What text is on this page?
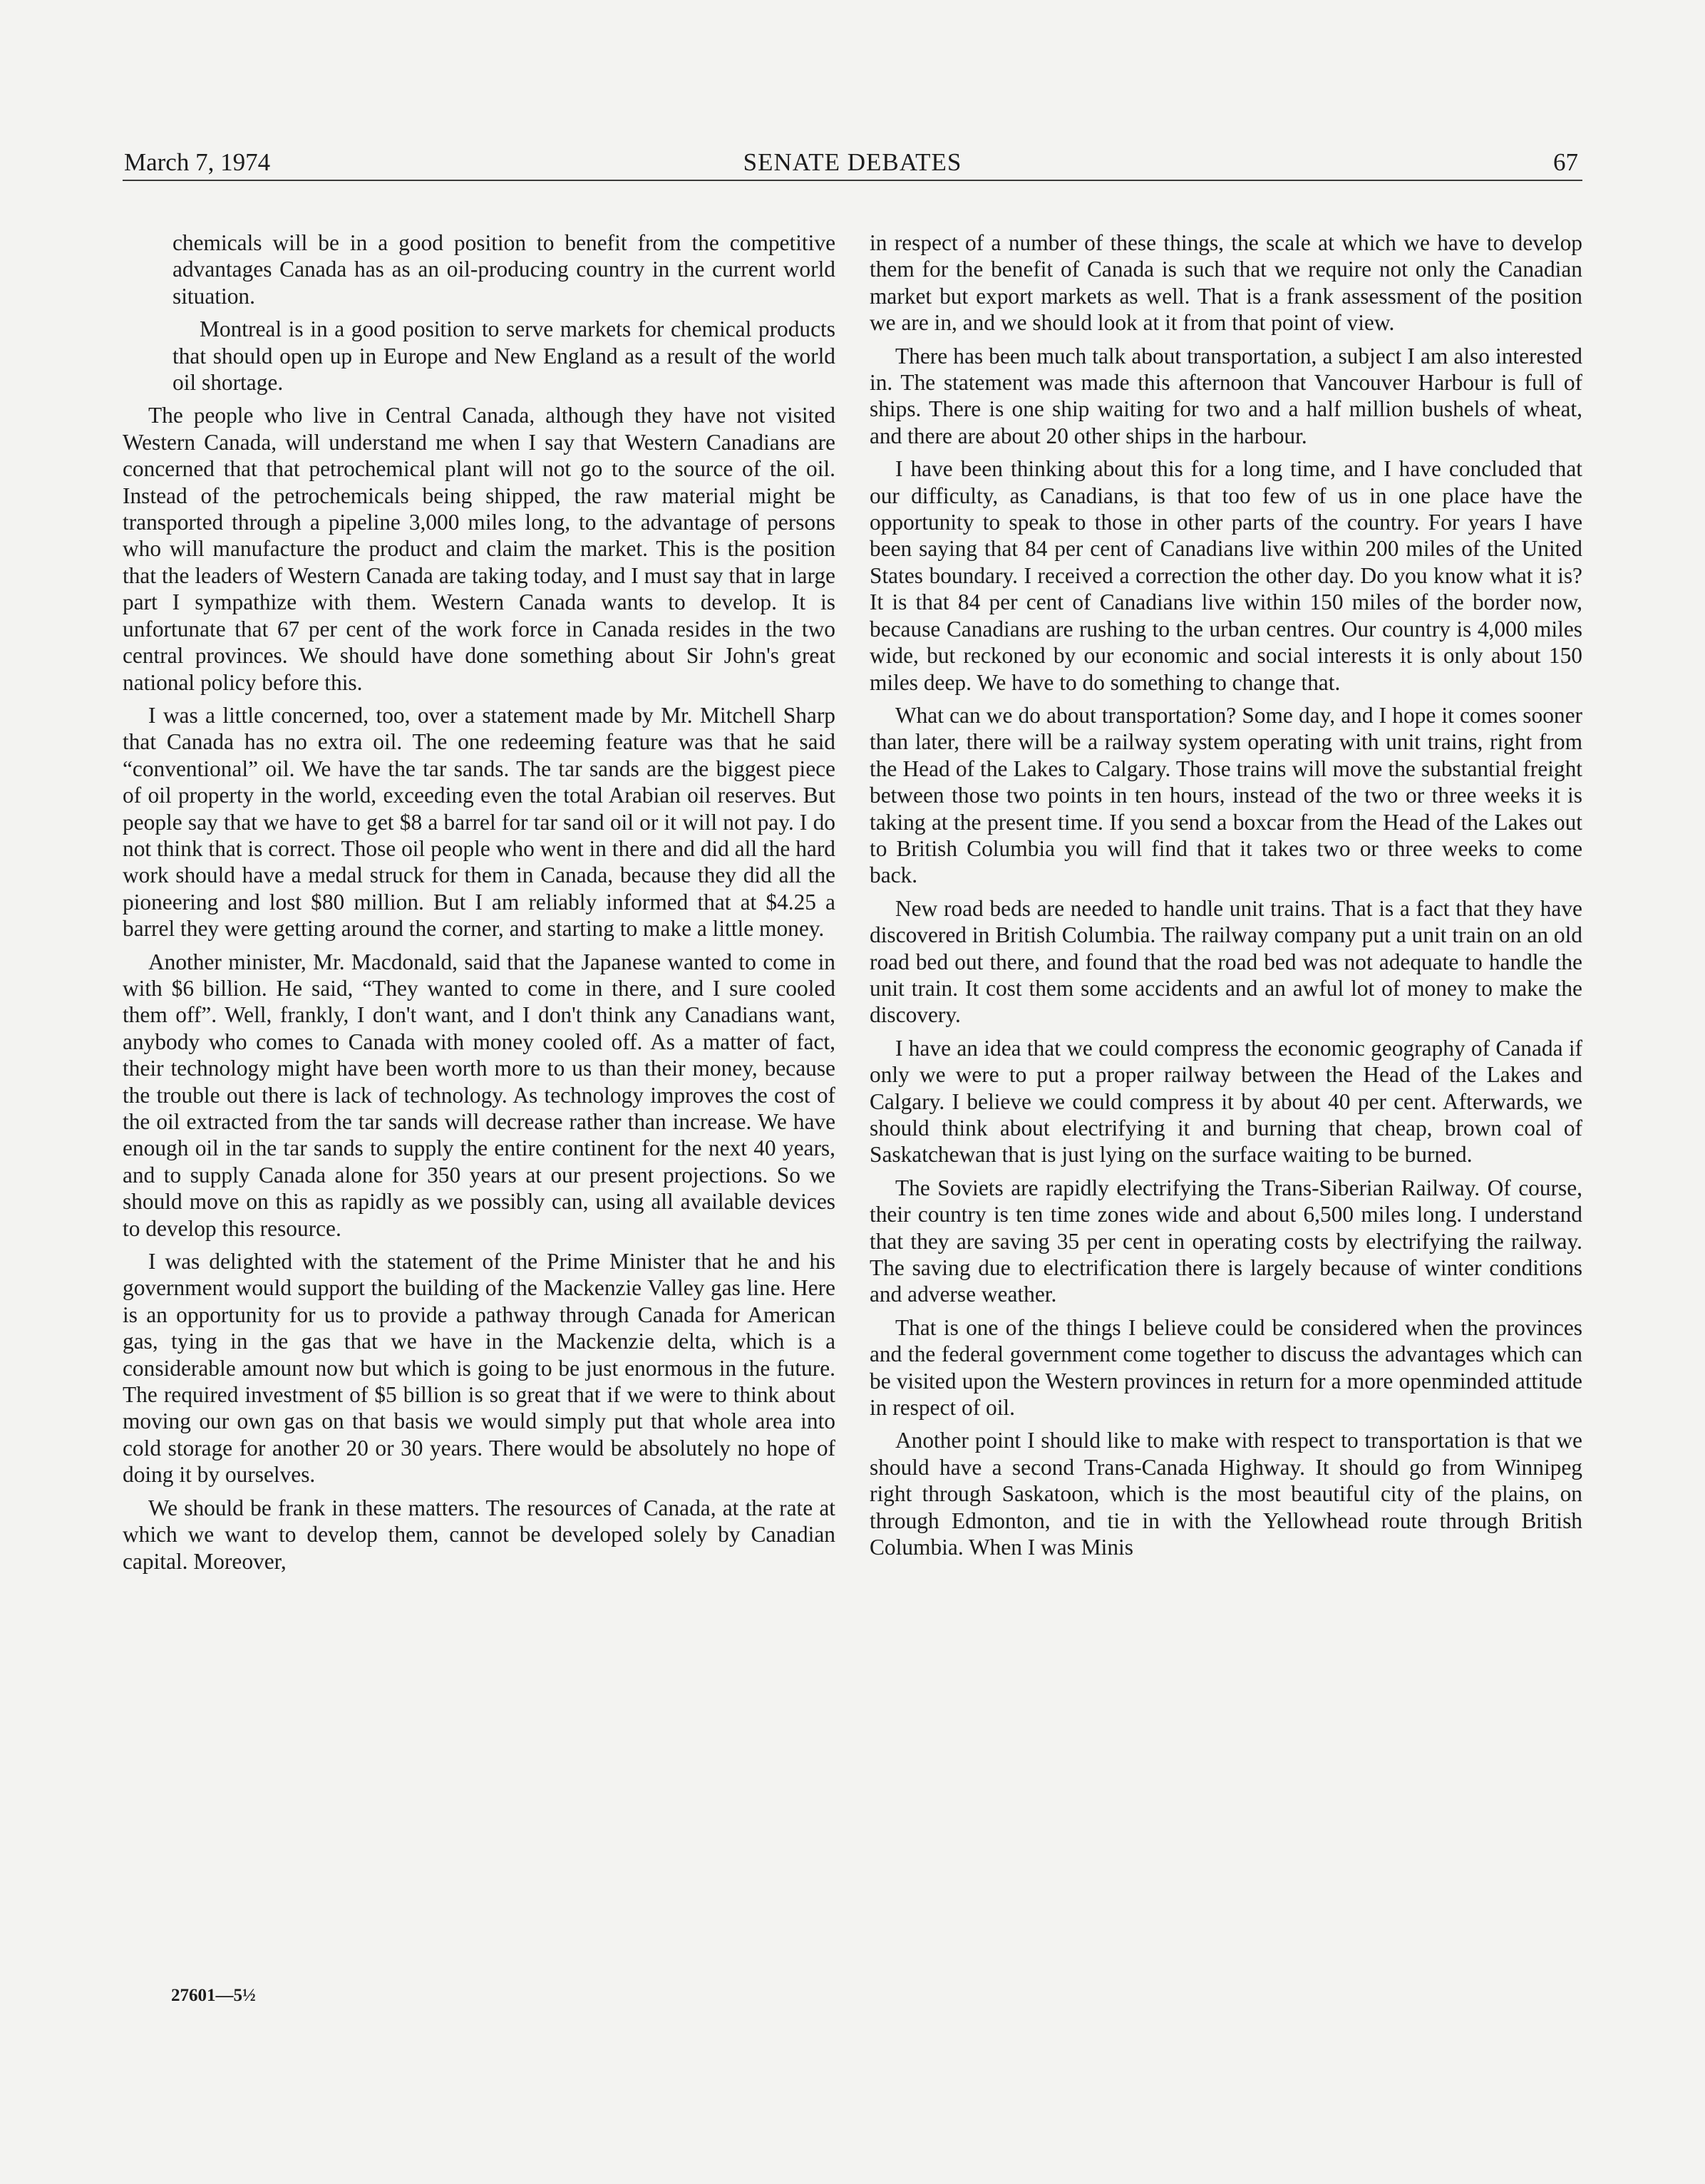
March 7, 1974	SENATE DEBATES	67

chemicals will be in a good position to benefit from the competitive advantages Canada has as an oil-producing country in the current world situation.

Montreal is in a good position to serve markets for chemical products that should open up in Europe and New England as a result of the world oil shortage.

The people who live in Central Canada, although they have not visited Western Canada, will understand me when I say that Western Canadians are concerned that that petrochemical plant will not go to the source of the oil. Instead of the petrochemicals being shipped, the raw material might be transported through a pipeline 3,000 miles long, to the advantage of persons who will manufacture the product and claim the market. This is the position that the leaders of Western Canada are taking today, and I must say that in large part I sympathize with them. Western Canada wants to develop. It is unfortunate that 67 per cent of the work force in Canada resides in the two central provinces. We should have done something about Sir John's great national policy before this.

I was a little concerned, too, over a statement made by Mr. Mitchell Sharp that Canada has no extra oil. The one redeeming feature was that he said “conventional” oil. We have the tar sands. The tar sands are the biggest piece of oil property in the world, exceeding even the total Arabian oil reserves. But people say that we have to get $8 a barrel for tar sand oil or it will not pay. I do not think that is correct. Those oil people who went in there and did all the hard work should have a medal struck for them in Canada, because they did all the pioneering and lost $80 million. But I am reliably informed that at $4.25 a barrel they were getting around the corner, and starting to make a little money.

Another minister, Mr. Macdonald, said that the Japanese wanted to come in with $6 billion. He said, “They wanted to come in there, and I sure cooled them off”. Well, frankly, I don't want, and I don't think any Canadians want, anybody who comes to Canada with money cooled off. As a matter of fact, their technology might have been worth more to us than their money, because the trouble out there is lack of technology. As technology improves the cost of the oil extracted from the tar sands will decrease rather than increase. We have enough oil in the tar sands to supply the entire continent for the next 40 years, and to supply Canada alone for 350 years at our present projections. So we should move on this as rapidly as we possibly can, using all available devices to develop this resource.

I was delighted with the statement of the Prime Minister that he and his government would support the building of the Mackenzie Valley gas line. Here is an opportunity for us to provide a pathway through Canada for American gas, tying in the gas that we have in the Mackenzie delta, which is a considerable amount now but which is going to be just enormous in the future. The required investment of $5 billion is so great that if we were to think about moving our own gas on that basis we would simply put that whole area into cold storage for another 20 or 30 years. There would be absolutely no hope of doing it by ourselves.

We should be frank in these matters. The resources of Canada, at the rate at which we want to develop them, cannot be developed solely by Canadian capital. Moreover,

in respect of a number of these things, the scale at which we have to develop them for the benefit of Canada is such that we require not only the Canadian market but export markets as well. That is a frank assessment of the position we are in, and we should look at it from that point of view.

There has been much talk about transportation, a subject I am also interested in. The statement was made this afternoon that Vancouver Harbour is full of ships. There is one ship waiting for two and a half million bushels of wheat, and there are about 20 other ships in the harbour.

I have been thinking about this for a long time, and I have concluded that our difficulty, as Canadians, is that too few of us in one place have the opportunity to speak to those in other parts of the country. For years I have been saying that 84 per cent of Canadians live within 200 miles of the United States boundary. I received a correction the other day. Do you know what it is? It is that 84 per cent of Canadians live within 150 miles of the border now, because Canadians are rushing to the urban centres. Our country is 4,000 miles wide, but reckoned by our economic and social interests it is only about 150 miles deep. We have to do something to change that.

What can we do about transportation? Some day, and I hope it comes sooner than later, there will be a railway system operating with unit trains, right from the Head of the Lakes to Calgary. Those trains will move the substantial freight between those two points in ten hours, instead of the two or three weeks it is taking at the present time. If you send a boxcar from the Head of the Lakes out to British Columbia you will find that it takes two or three weeks to come back.

New road beds are needed to handle unit trains. That is a fact that they have discovered in British Columbia. The railway company put a unit train on an old road bed out there, and found that the road bed was not adequate to handle the unit train. It cost them some accidents and an awful lot of money to make the discovery.

I have an idea that we could compress the economic geography of Canada if only we were to put a proper railway between the Head of the Lakes and Calgary. I believe we could compress it by about 40 per cent. Afterwards, we should think about electrifying it and burning that cheap, brown coal of Saskatchewan that is just lying on the surface waiting to be burned.

The Soviets are rapidly electrifying the Trans-Siberian Railway. Of course, their country is ten time zones wide and about 6,500 miles long. I understand that they are saving 35 per cent in operating costs by electrifying the railway. The saving due to electrification there is largely because of winter conditions and adverse weather.

That is one of the things I believe could be considered when the provinces and the federal government come together to discuss the advantages which can be visited upon the Western provinces in return for a more openminded attitude in respect of oil.

Another point I should like to make with respect to transportation is that we should have a second Trans-Canada Highway. It should go from Winnipeg right through Saskatoon, which is the most beautiful city of the plains, on through Edmonton, and tie in with the Yellowhead route through British Columbia. When I was Minis

27601—5½
